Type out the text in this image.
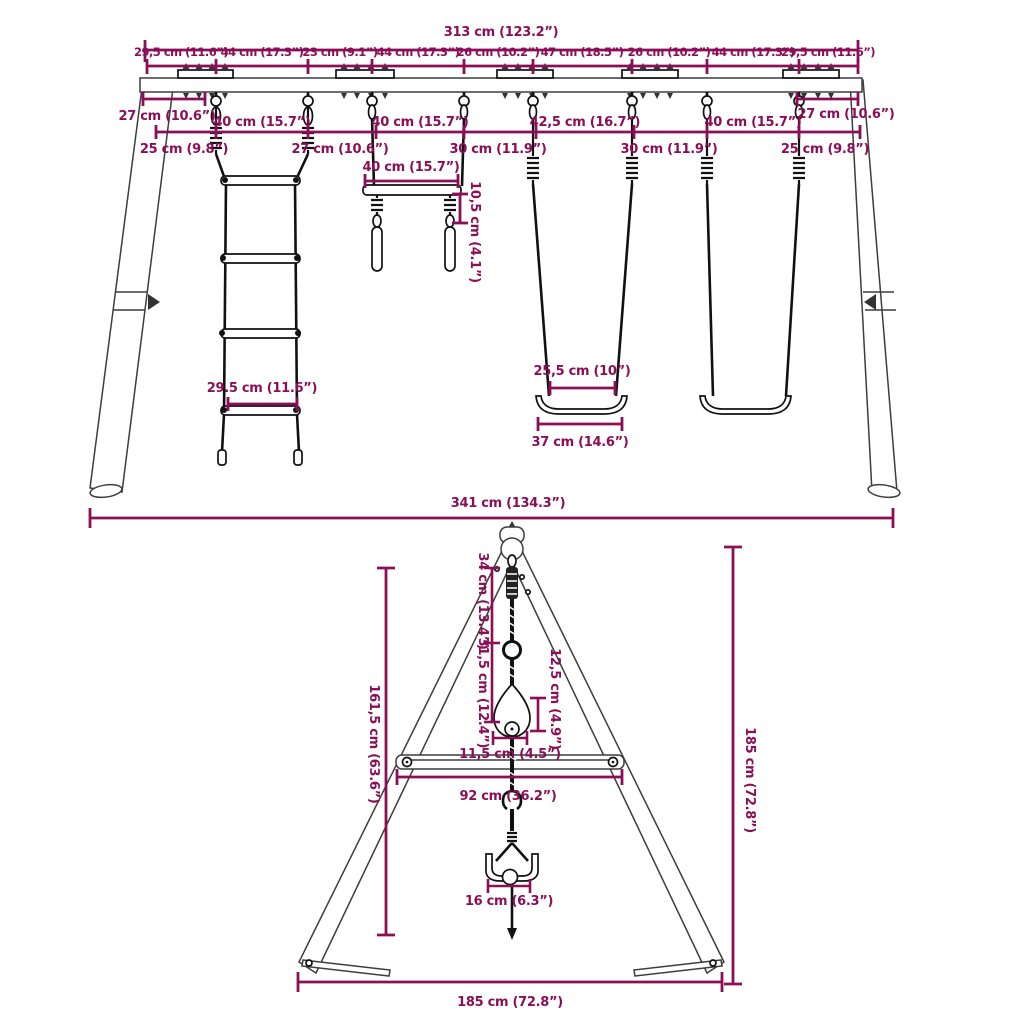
313 cm (123.2”)
29,5 cm (11.6”)
44 cm (17.3”)
23 cm (9.1”)
44 cm (17.3”)
26 cm (10.2”) 47 cm (18.5”) 26 cm (10.2”) 44 cm (17.3”)
29,5 cm (11.6”)
27 cm (10.6”)	27 cm (10.6”)
40 cm (15.7”)	40 cm (15.7”)	42,5 cm (16.7”)	40 cm (15.7”)
25 cm (9.8”)	27 cm (10.6”)	30 cm (11.9”)	30 cm (11.9”)	25 cm (9.8”)
40 cm (15.7”)
10,5 cm (4.1”)
29.5 cm (11.6”)
25,5 cm (10”)
37 cm (14.6”)
341 cm (134.3”)
34 cm (13.4”)
31,5 cm (12.4”)	12,5 cm (4.9”)
11,5 cm (4.5”)
92 cm (36.2”)
161,5 cm (63.6”)	185 cm (72.8”)
16 cm (6.3”)
185 cm (72.8”)
